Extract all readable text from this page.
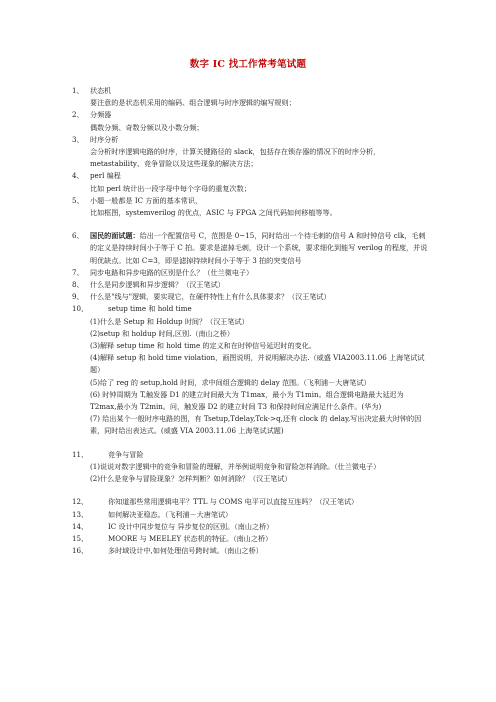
数字 IC 找工作常考笔试题
1、 状态机
要注意的是状态机采用的编码、组合逻辑与时序逻辑的编写规则；
2、 分频器
偶数分频、奇数分频以及小数分频；
3、 时序分析
会分析时序逻辑电路的时序，计算关键路径的 slack，包括存在锁存器的情况下的时序分析，metastability、竞争冒险以及这些现象的解决方法；
4、 perl 编程
比如 perl 统计出一段字母中每个字母的重复次数；
5、 小题一般都是 IC 方面的基本常识，
比如框图，systemverilog 的优点，ASIC 与 FPGA 之间代码如何移植等等。
6、 国民的面试题：给出一个配置信号 C，范围是 0~15，同时给出一个待毛刺的信号 A 和时钟信号 clk，毛刺的定义是持续时间小于等于 C 拍。要求是滤掉毛刺，设计一个系统，要求细化到能写 verilog 的程度，并说明优缺点。比如 C=3，即是滤掉持续时间小于等于 3 拍的突变信号
7、 同步电路和异步电路的区别是什么？（仕兰微电子）
8、 什么是同步逻辑和异步逻辑？（汉王笔试）
9、 什么是"线与"逻辑，要实现它，在硬件特性上有什么具体要求？（汉王笔试）
10、	setup time 和 hold time
(1)什么是 Setup 和 Holdup 时间？（汉王笔试）
(2)setup 和 holdup 时间,区别.（南山之桥）
(3)解释 setup time 和 hold time 的定义和在时钟信号延迟时的变化。
(4)解释 setup 和 hold time violation，画图说明，并说明解决办法.（威盛 VIA2003.11.06 上海笔试试题）
(5)给了 reg 的 setup,hold 时间，求中间组合逻辑的 delay 范围。（飞利浦－大唐笔试）
(6) 时钟周期为 T,触发器 D1 的建立时间最大为 T1max，最小为 T1min。组合逻辑电路最大延迟为 T2max,最小为 T2min。问，触发器 D2 的建立时间 T3 和保持时间应满足什么条件。(华为)
(7) 给出某个一般时序电路的图，有 Tsetup,Tdelay,Tck->q,还有 clock 的 delay,写出决定最大时钟的因素，同时给出表达式。(威盛 VIA 2003.11.06 上海笔试试题)
11、	竞争与冒险
(1)说说对数字逻辑中的竞争和冒险的理解，并举例说明竞争和冒险怎样消除。（仕兰微电子）
(2)什么是竞争与冒险现象？怎样判断？如何消除？（汉王笔试）
12、	你知道那些常用逻辑电平？TTL 与 COMS 电平可以直接互连吗？（汉王笔试）
13、	如何解决亚稳态。（飞利浦－大唐笔试）
14、	IC 设计中同步复位与 异步复位的区别。（南山之桥）
15、	MOORE 与 MEELEY 状态机的特征。（南山之桥）
16、	多时域设计中,如何处理信号跨时域。（南山之桥）
